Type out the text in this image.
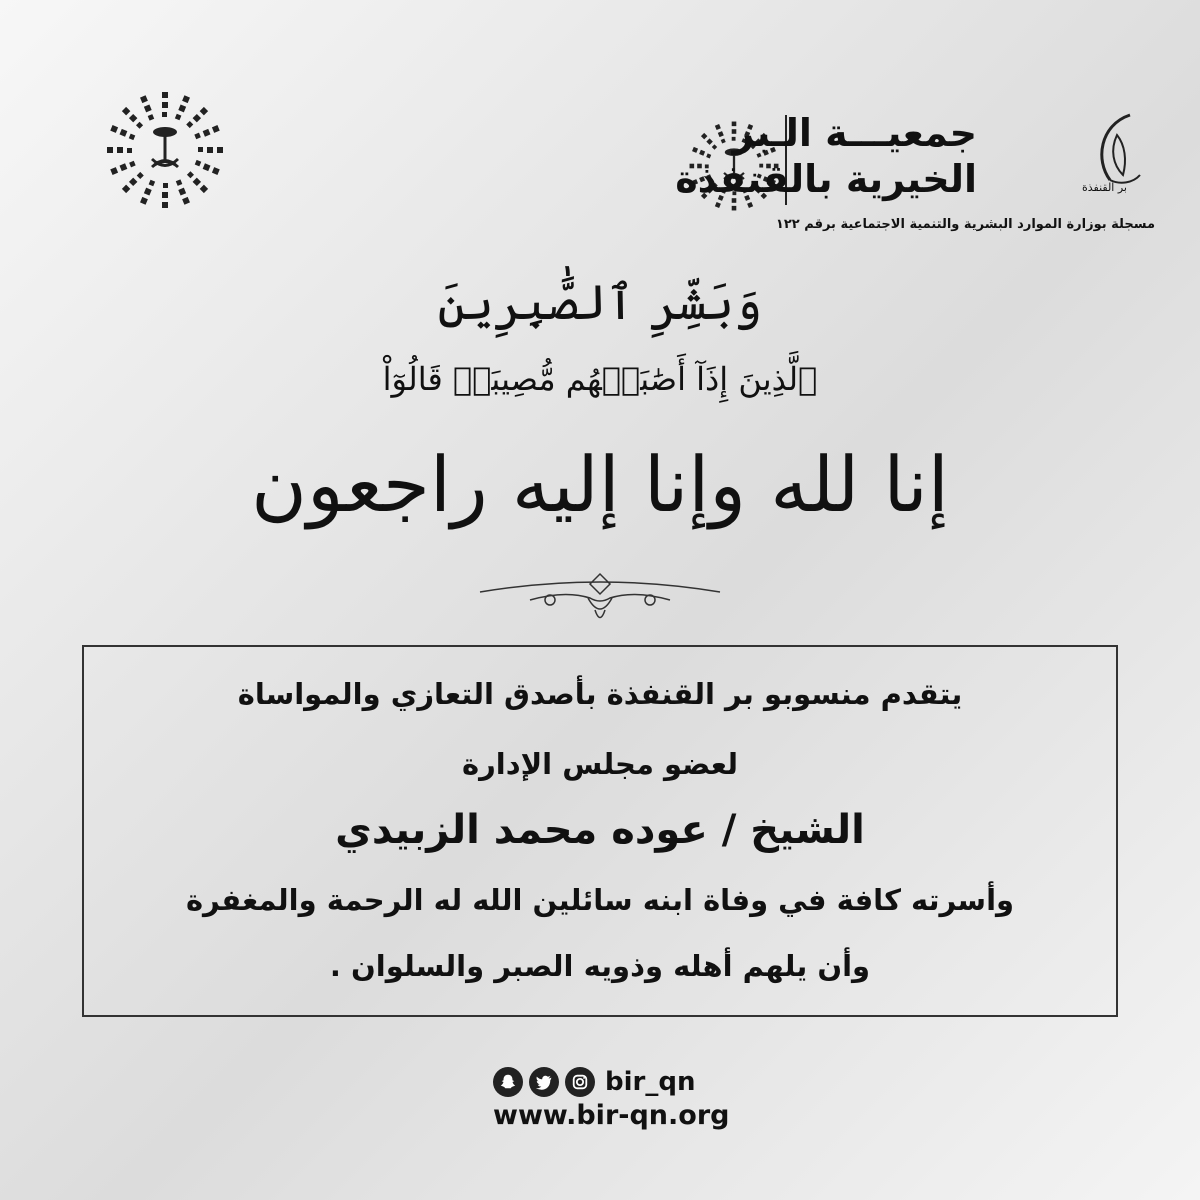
جمعيـــة الـبر
الخيرية بالقنفذة	بر القنفذة
مسجلة بوزارة الموارد البشرية والتنمية الاجتماعية برقم ١٢٢
وَبَشِّرِ ٱلصَّٰبِرِينَ
ٱلَّذِينَ إِذَآ أَصَٰبَتۡهُم مُّصِيبَةٞ قَالُوٓاْ
إنا لله وإنا إليه راجعون
يتقدم منسوبو بر القنفذة بأصدق التعازي والمواساة
لعضو مجلس الإدارة
الشيخ / عوده محمد الزبيدي
وأسرته كافة في وفاة ابنه سائلين الله له الرحمة والمغفرة
وأن يلهم أهله وذويه الصبر والسلوان .
bir_qn
www.bir-qn.org
